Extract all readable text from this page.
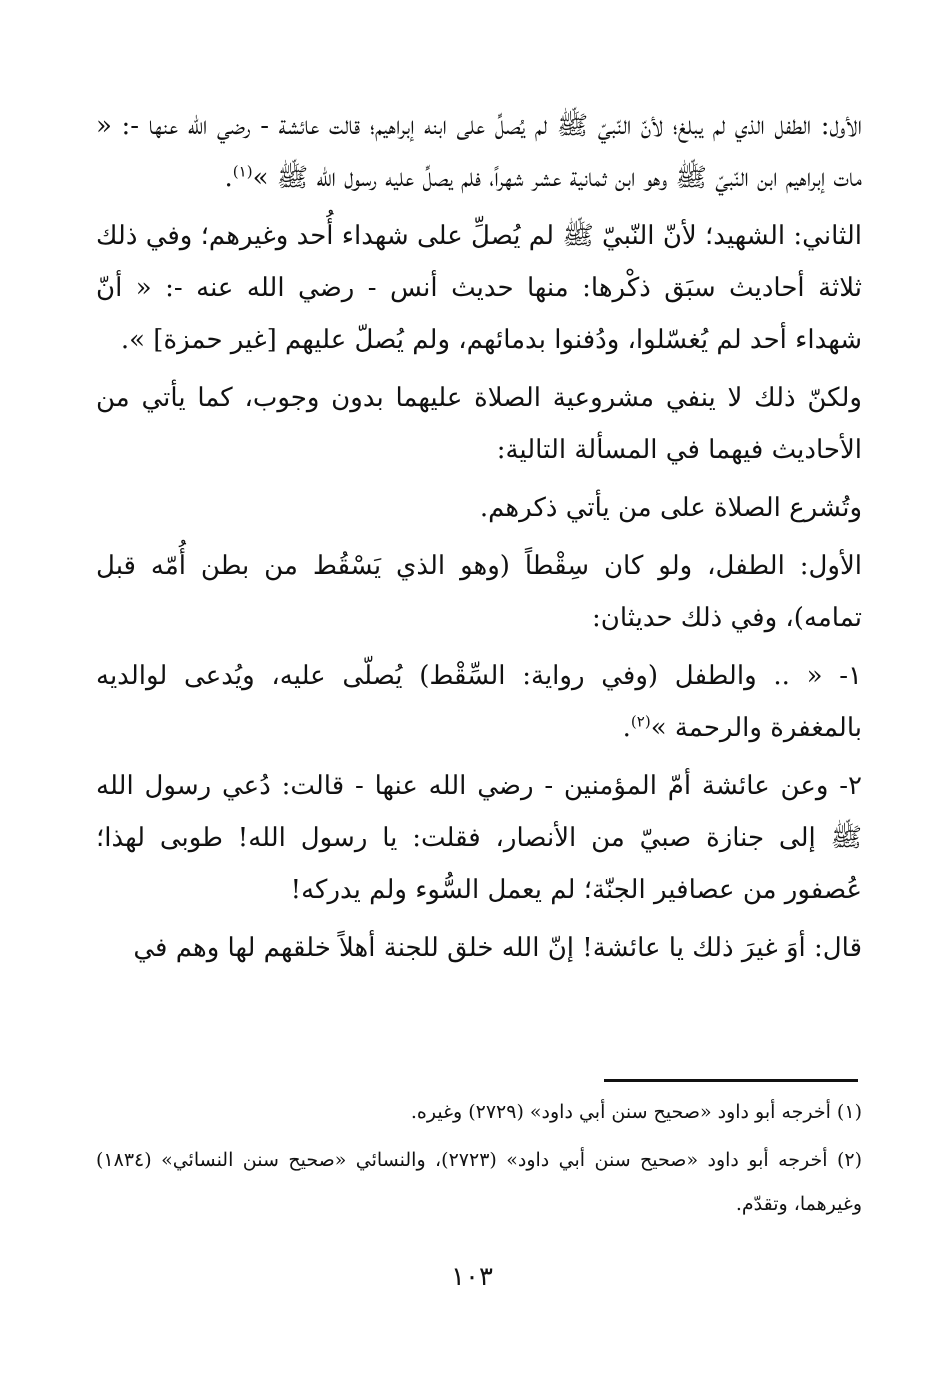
الأول: الطفل الذي لم يبلغ؛ لأنّ النّبيّ ﷺ لم يُصلِّ على ابنه إبراهيم؛ قالت عائشة - رضي الله عنها -: « مات إبراهيم ابن النّبيّ ﷺ وهو ابن ثمانية عشر شهراً، فلم يصلِّ عليه رسول الله ﷺ »$^{(١)}$.

الثاني: الشهيد؛ لأنّ النّبيّ ﷺ لم يُصلِّ على شهداء أُحد وغيرهم؛ وفي ذلك ثلاثة أحاديث سبَق ذكْرها: منها حديث أنس - رضي الله عنه -: « أنّ شهداء أحد لم يُغسّلوا، ودُفنوا بدمائهم، ولم يُصلّ عليهم [غير حمزة] ».

ولكنّ ذلك لا ينفي مشروعية الصلاة عليهما بدون وجوب، كما يأتي من الأحاديث فيهما في المسألة التالية:

وتُشرع الصلاة على من يأتي ذكرهم.

الأول: الطفل، ولو كان سِقْطاً (وهو الذي يَسْقُط من بطن أُمّه قبل تمامه)، وفي ذلك حديثان:

١- « .. والطفل (وفي رواية: السِّقْط) يُصلّى عليه، ويُدعى لوالديه بالمغفرة والرحمة »$^{(٢)}$.

٢- وعن عائشة أمّ المؤمنين - رضي الله عنها - قالت: دُعي رسول الله ﷺ إلى جنازة صبيّ من الأنصار، فقلت: يا رسول الله! طوبى لهذا؛ عُصفور من عصافير الجنّة؛ لم يعمل السُّوء ولم يدركه!

قال: أوَ غيرَ ذلك يا عائشة! إنّ الله خلق للجنة أهلاً خلقهم لها وهم في

(١) أخرجه أبو داود «صحيح سنن أبي داود» (٢٧٢٩) وغيره.

(٢) أخرجه أبو داود «صحيح سنن أبي داود» (٢٧٢٣)، والنسائي «صحيح سنن النسائي» (١٨٣٤) وغيرهما، وتقدّم.

١٠٣
